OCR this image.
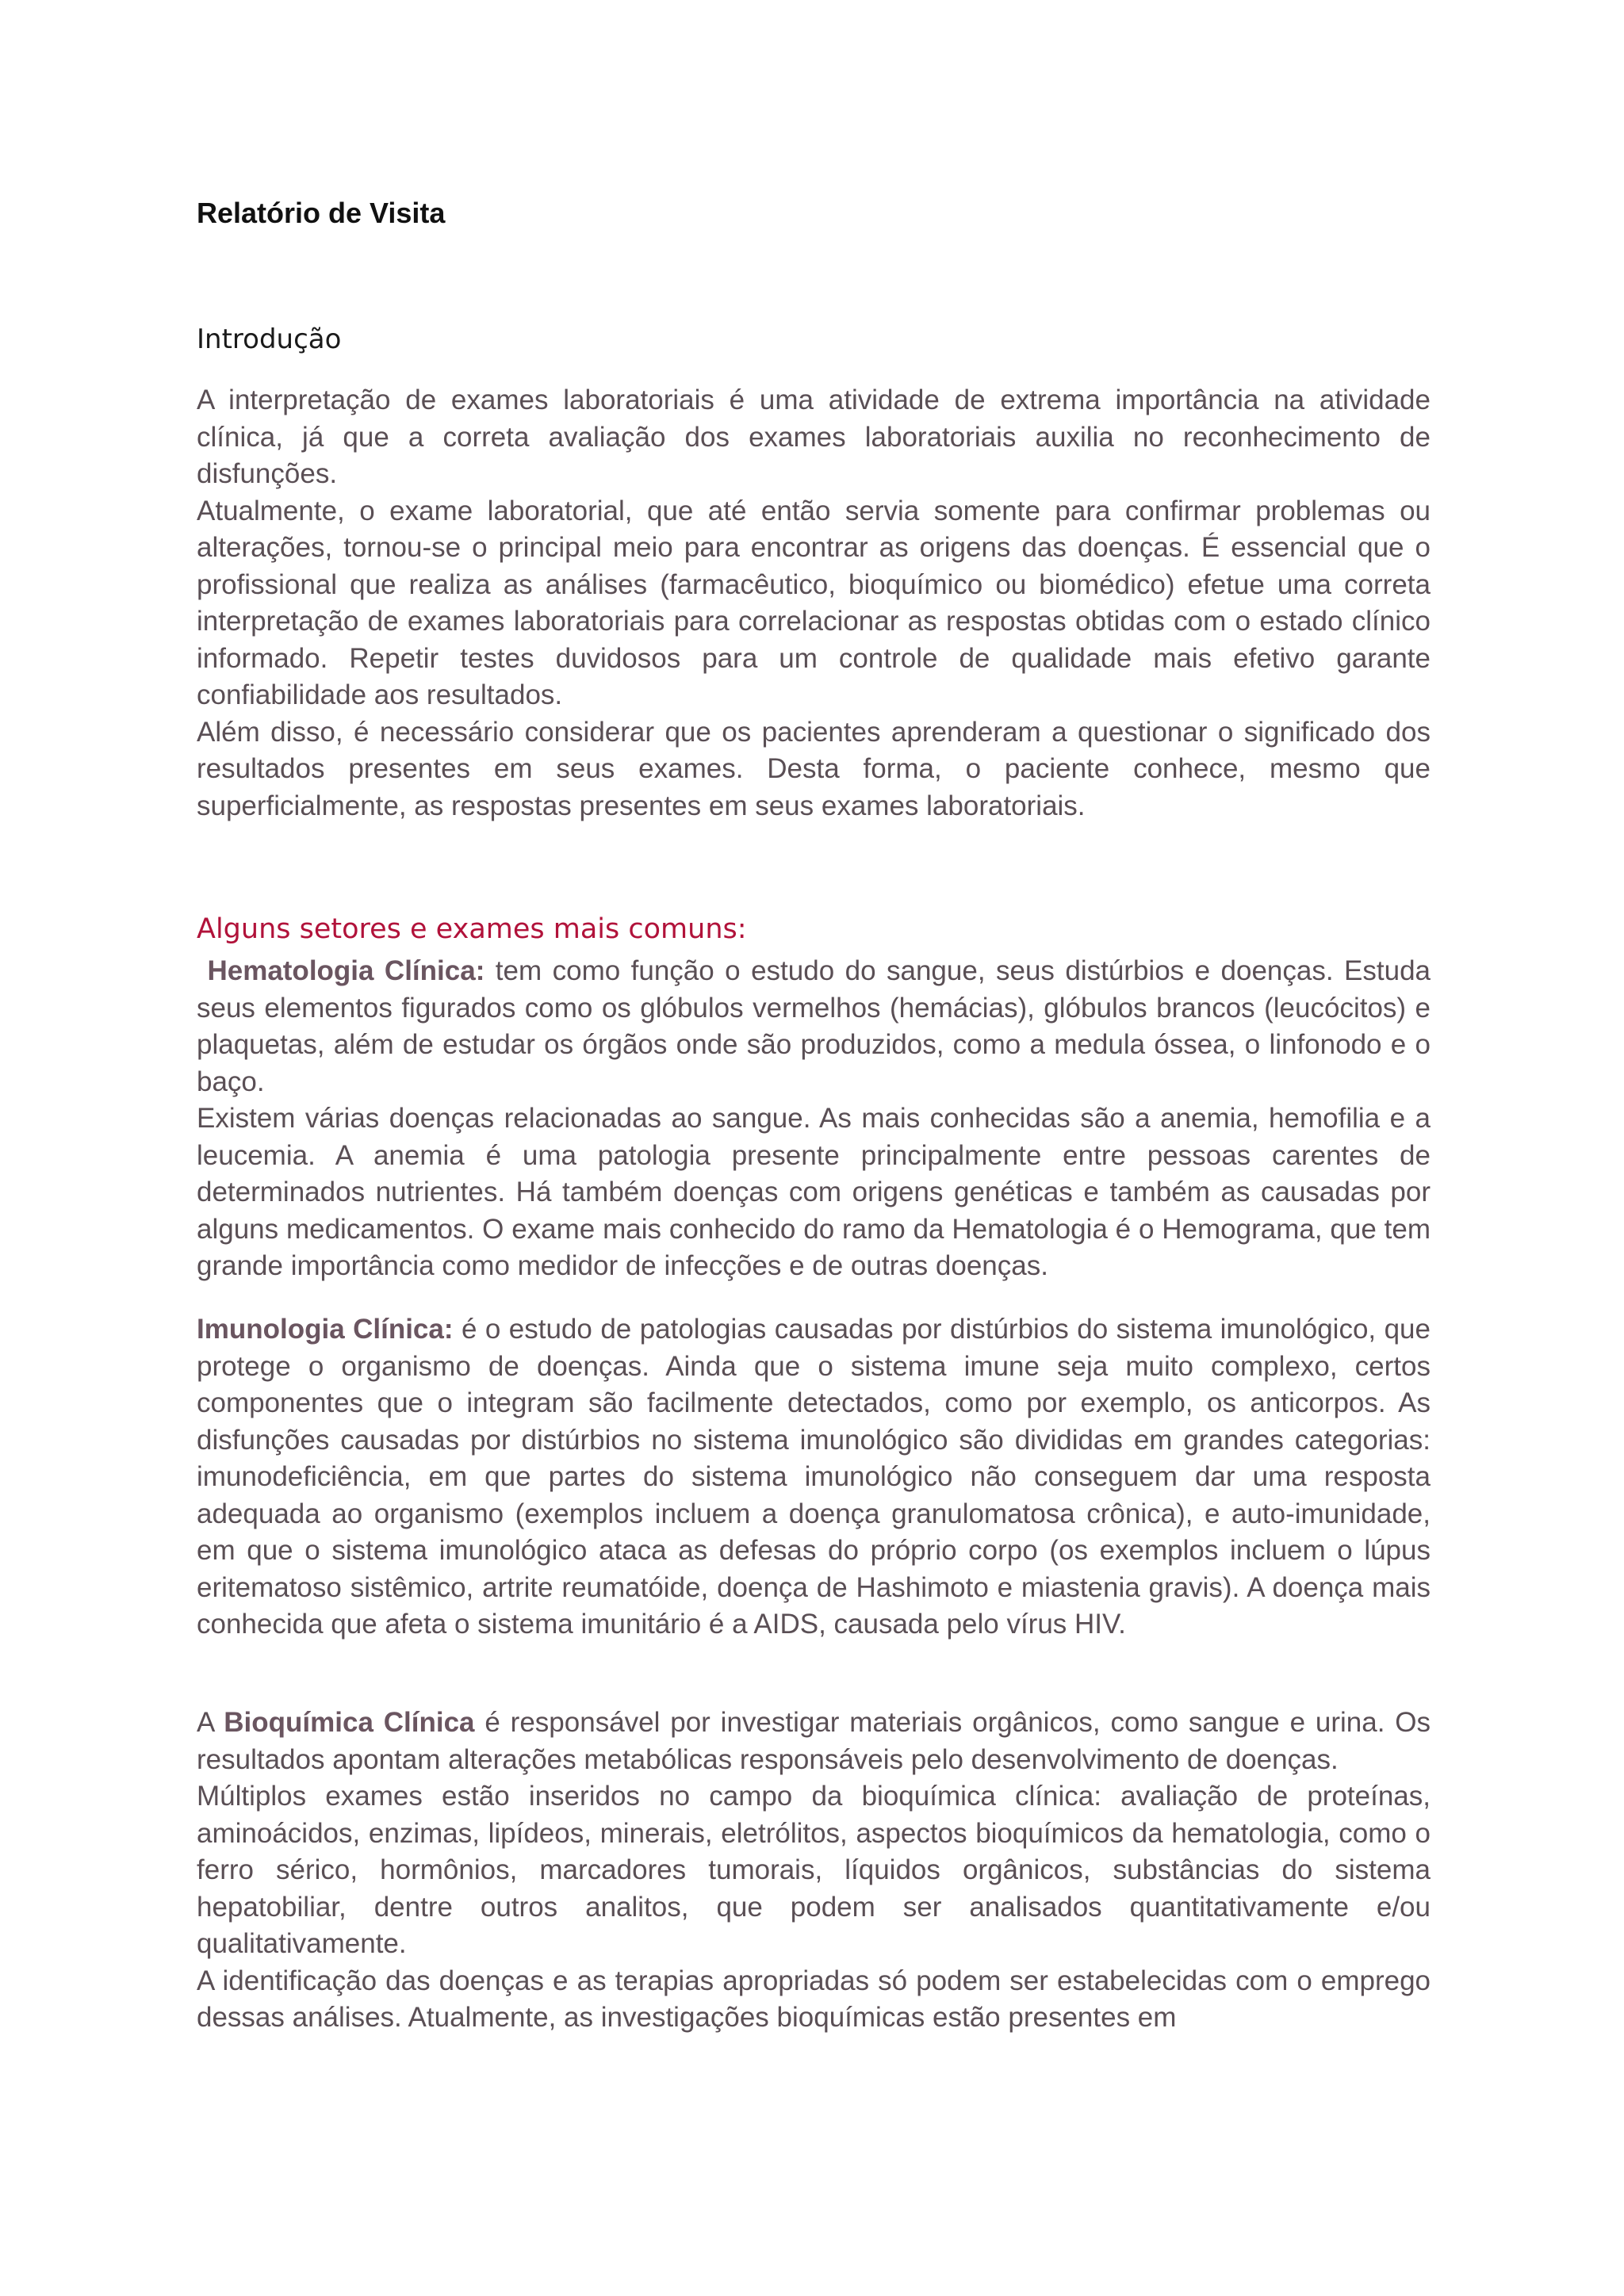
Relatório de Visita

Introdução

A interpretação de exames laboratoriais é uma atividade de extrema importância na atividade clínica, já que a correta avaliação dos exames laboratoriais auxilia no reconhecimento de disfunções.

Atualmente, o exame laboratorial, que até então servia somente para confirmar problemas ou alterações, tornou-se o principal meio para encontrar as origens das doenças. É essencial que o profissional que realiza as análises (farmacêutico, bioquímico ou biomédico) efetue uma correta interpretação de exames laboratoriais para correlacionar as respostas obtidas com o estado clínico informado. Repetir testes duvidosos para um controle de qualidade mais efetivo garante confiabilidade aos resultados.

Além disso, é necessário considerar que os pacientes aprenderam a questionar o significado dos resultados presentes em seus exames. Desta forma, o paciente conhece, mesmo que superficialmente, as respostas presentes em seus exames laboratoriais.

Alguns setores e exames mais comuns:

Hematologia Clínica: tem como função o estudo do sangue, seus distúrbios e doenças. Estuda seus elementos figurados como os glóbulos vermelhos (hemácias), glóbulos brancos (leucócitos) e plaquetas, além de estudar os órgãos onde são produzidos, como a medula óssea, o linfonodo e o baço.

Existem várias doenças relacionadas ao sangue. As mais conhecidas são a anemia, hemofilia e a leucemia. A anemia é uma patologia presente principalmente entre pessoas carentes de determinados nutrientes. Há também doenças com origens genéticas e também as causadas por alguns medicamentos. O exame mais conhecido do ramo da Hematologia é o Hemograma, que tem grande importância como medidor de infecções e de outras doenças.

Imunologia Clínica: é o estudo de patologias causadas por distúrbios do sistema imunológico, que protege o organismo de doenças. Ainda que o sistema imune seja muito complexo, certos componentes que o integram são facilmente detectados, como por exemplo, os anticorpos. As disfunções causadas por distúrbios no sistema imunológico são divididas em grandes categorias: imunodeficiência, em que partes do sistema imunológico não conseguem dar uma resposta adequada ao organismo (exemplos incluem a doença granulomatosa crônica), e auto-imunidade, em que o sistema imunológico ataca as defesas do próprio corpo (os exemplos incluem o lúpus eritematoso sistêmico, artrite reumatóide, doença de Hashimoto e miastenia gravis). A doença mais conhecida que afeta o sistema imunitário é a AIDS, causada pelo vírus HIV.

A Bioquímica Clínica é responsável por investigar materiais orgânicos, como sangue e urina. Os resultados apontam alterações metabólicas responsáveis pelo desenvolvimento de doenças.

Múltiplos exames estão inseridos no campo da bioquímica clínica: avaliação de proteínas, aminoácidos, enzimas, lipídeos, minerais, eletrólitos, aspectos bioquímicos da hematologia, como o ferro sérico, hormônios, marcadores tumorais, líquidos orgânicos, substâncias do sistema hepatobiliar, dentre outros analitos, que podem ser analisados quantitativamente e/ou qualitativamente.

A identificação das doenças e as terapias apropriadas só podem ser estabelecidas com o emprego dessas análises. Atualmente, as investigações bioquímicas estão presentes em
